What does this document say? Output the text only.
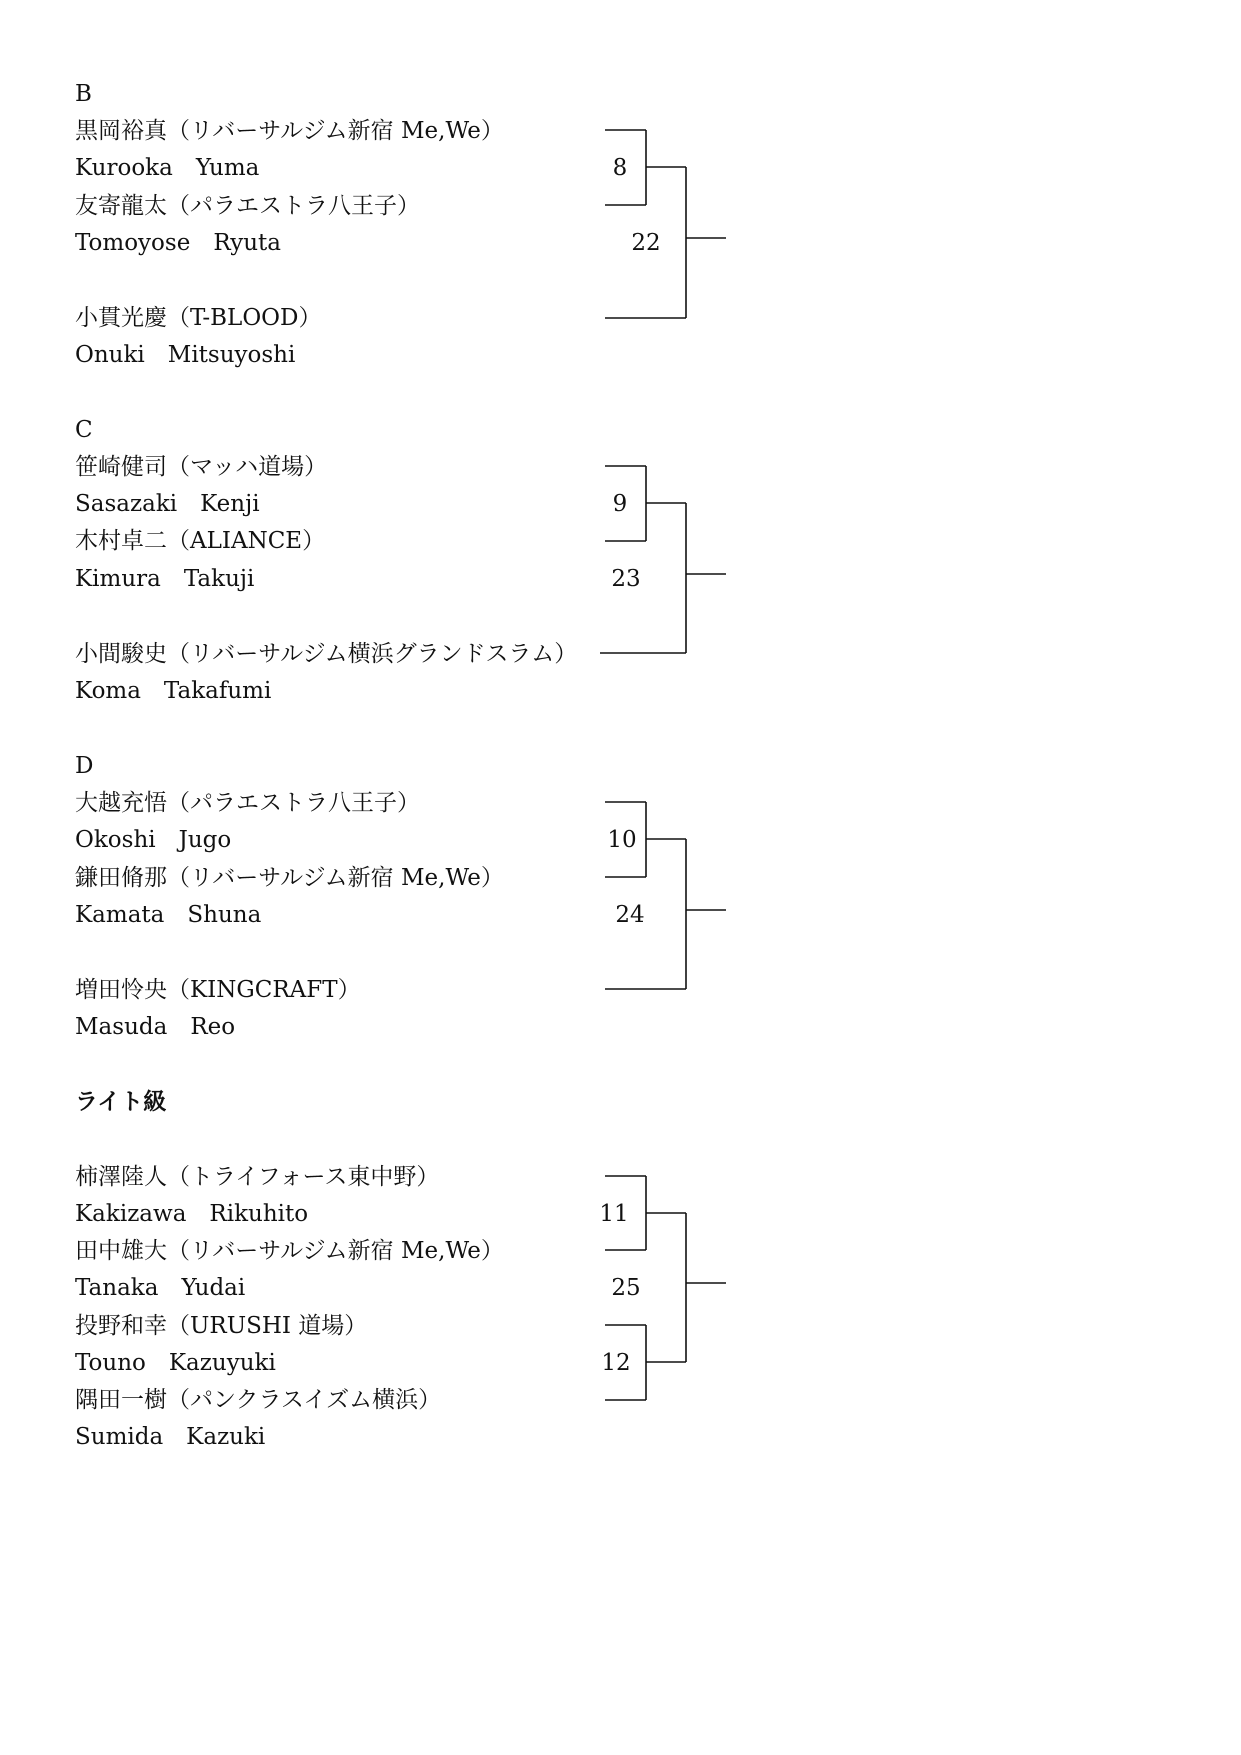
B
黒岡裕真（リバーサルジム新宿 Me,We）
Kurooka　Yuma
友寄龍太（パラエストラ八王子）
Tomoyose　Ryuta
小貫光慶（T-BLOOD）
Onuki　Mitsuyoshi
8
22
C
笹崎健司（マッハ道場）
Sasazaki　Kenji
木村卓二（ALIANCE）
Kimura　Takuji
小間駿史（リバーサルジム横浜グランドスラム）
Koma　Takafumi
9
23
D
大越充悟（パラエストラ八王子）
Okoshi　Jugo
鎌田脩那（リバーサルジム新宿 Me,We）
Kamata　Shuna
増田怜央（KINGCRAFT）
Masuda　Reo
10
24
ライト級
柿澤陸人（トライフォース東中野）
Kakizawa　Rikuhito
田中雄大（リバーサルジム新宿 Me,We）
Tanaka　Yudai
投野和幸（URUSHI 道場）
Touno　Kazuyuki
隅田一樹（パンクラスイズム横浜）
Sumida　Kazuki
11
25
12
